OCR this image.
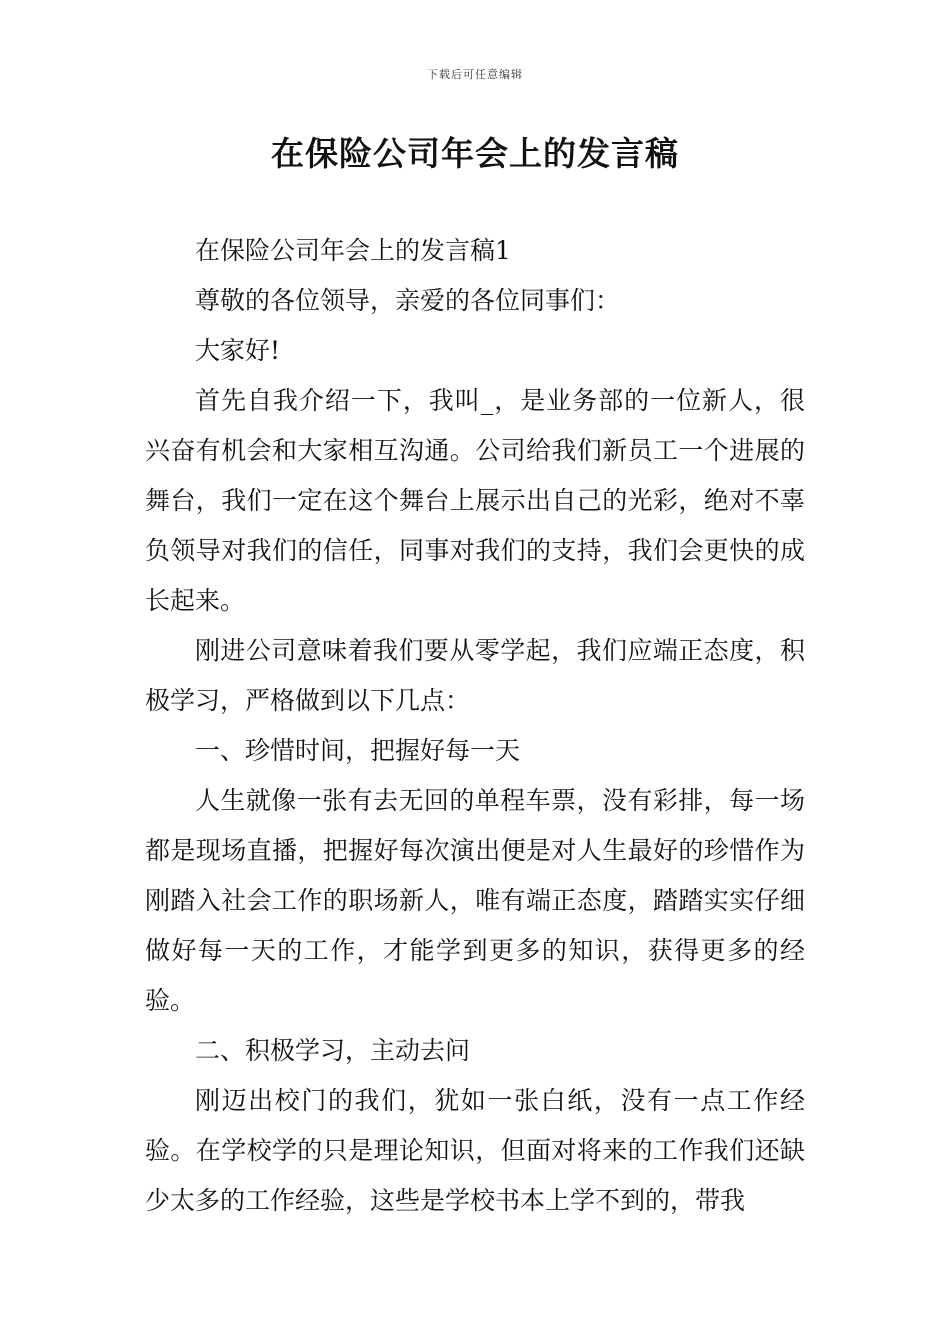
下载后可任意编辑
在保险公司年会上的发言稿

在保险公司年会上的发言稿1

尊敬的各位领导，亲爱的各位同事们：

大家好!

首先自我介绍一下，我叫_，是业务部的一位新人，很兴奋有机会和大家相互沟通。公司给我们新员工一个进展的舞台，我们一定在这个舞台上展示出自己的光彩，绝对不辜负领导对我们的信任，同事对我们的支持，我们会更快的成长起来。

刚进公司意味着我们要从零学起，我们应端正态度，积极学习，严格做到以下几点：

一、珍惜时间，把握好每一天

人生就像一张有去无回的单程车票，没有彩排，每一场都是现场直播，把握好每次演出便是对人生最好的珍惜作为刚踏入社会工作的职场新人，唯有端正态度，踏踏实实仔细做好每一天的工作，才能学到更多的知识，获得更多的经验。

二、积极学习，主动去问

刚迈出校门的我们，犹如一张白纸，没有一点工作经验。在学校学的只是理论知识，但面对将来的工作我们还缺少太多的工作经验，这些是学校书本上学不到的，带我
